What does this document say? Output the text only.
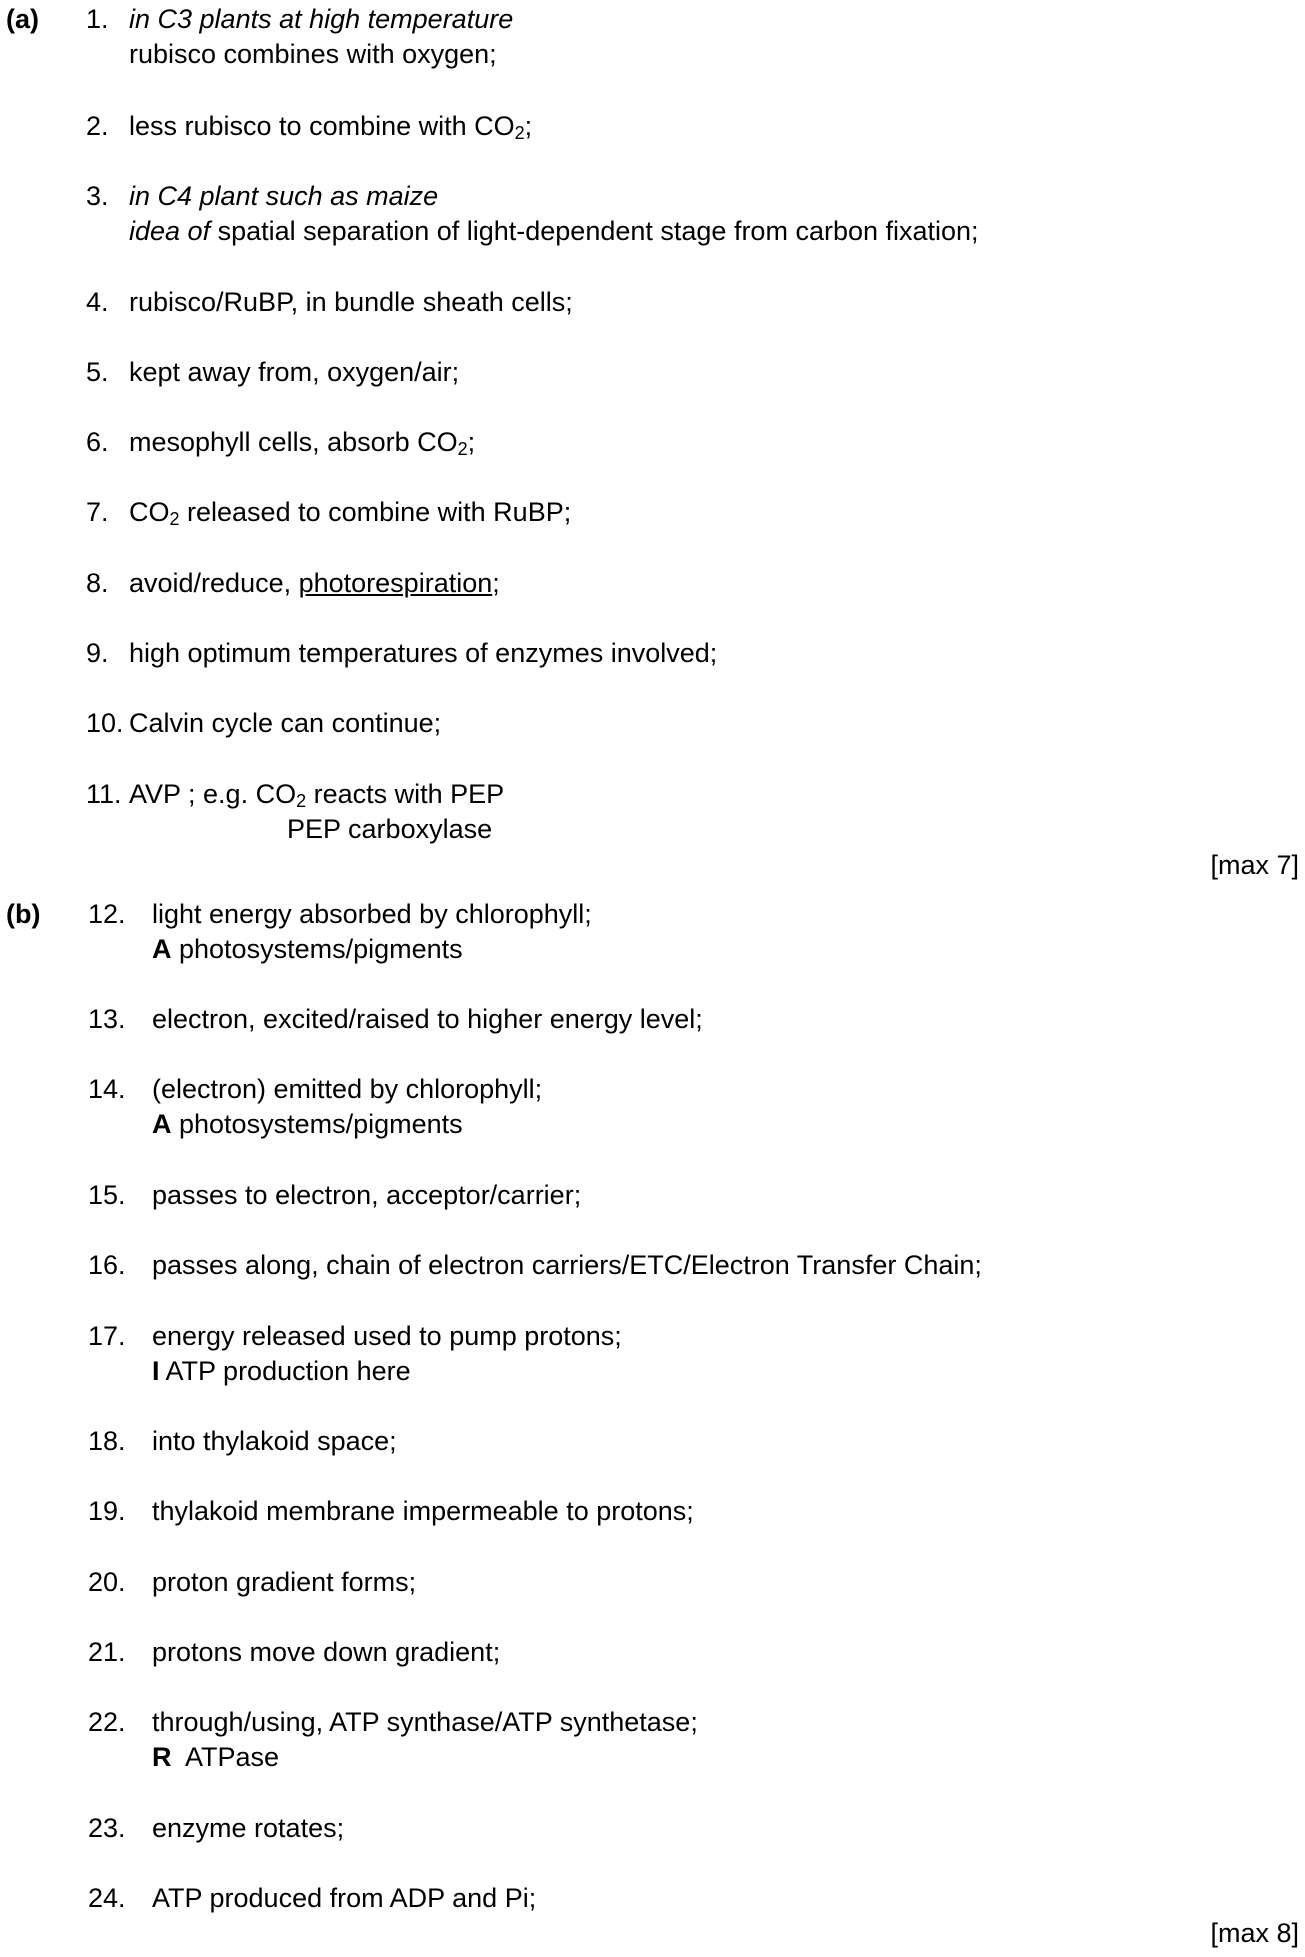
(a) 1. in C3 plants at high temperature
rubisco combines with oxygen;
2. less rubisco to combine with $CO_2$;
3. in C4 plant such as maize
idea of spatial separation of light-dependent stage from carbon fixation;
4. rubisco/RuBP, in bundle sheath cells;
5. kept away from, oxygen/air;
6. mesophyll cells, absorb $CO_2$;
7. $CO_2$ released to combine with RuBP;
8. avoid/reduce, photorespiration;
9. high optimum temperatures of enzymes involved;
10. Calvin cycle can continue;
11. AVP ; e.g. $CO_2$ reacts with PEP
PEP carboxylase
[max 7]
(b) 12. light energy absorbed by chlorophyll;
A photosystems/pigments
13. electron, excited/raised to higher energy level;
14. (electron) emitted by chlorophyll;
A photosystems/pigments
15. passes to electron, acceptor/carrier;
16. passes along, chain of electron carriers/ETC/Electron Transfer Chain;
17. energy released used to pump protons;
I ATP production here
18. into thylakoid space;
19. thylakoid membrane impermeable to protons;
20. proton gradient forms;
21. protons move down gradient;
22. through/using, ATP synthase/ATP synthetase;
R  ATPase
23. enzyme rotates;
24. ATP produced from ADP and Pi;
[max 8]
